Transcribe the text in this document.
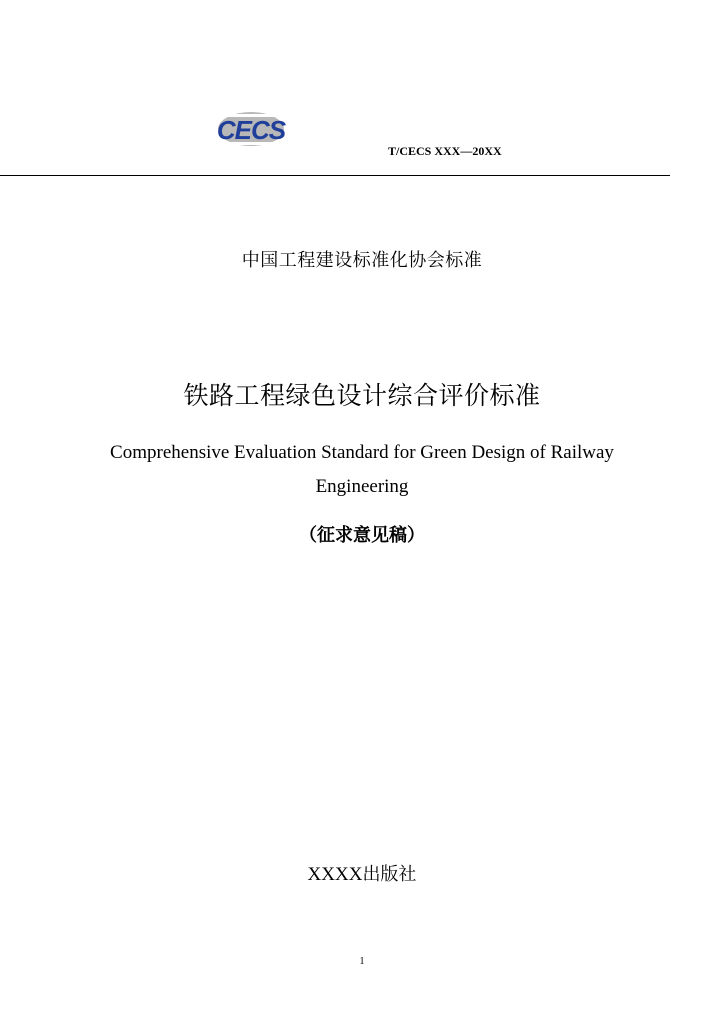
CECS
T/CECS XXX—20XX
中国工程建设标准化协会标准
铁路工程绿色设计综合评价标准
Comprehensive Evaluation Standard for Green Design of Railway Engineering
（征求意见稿）
XXXX出版社
1
